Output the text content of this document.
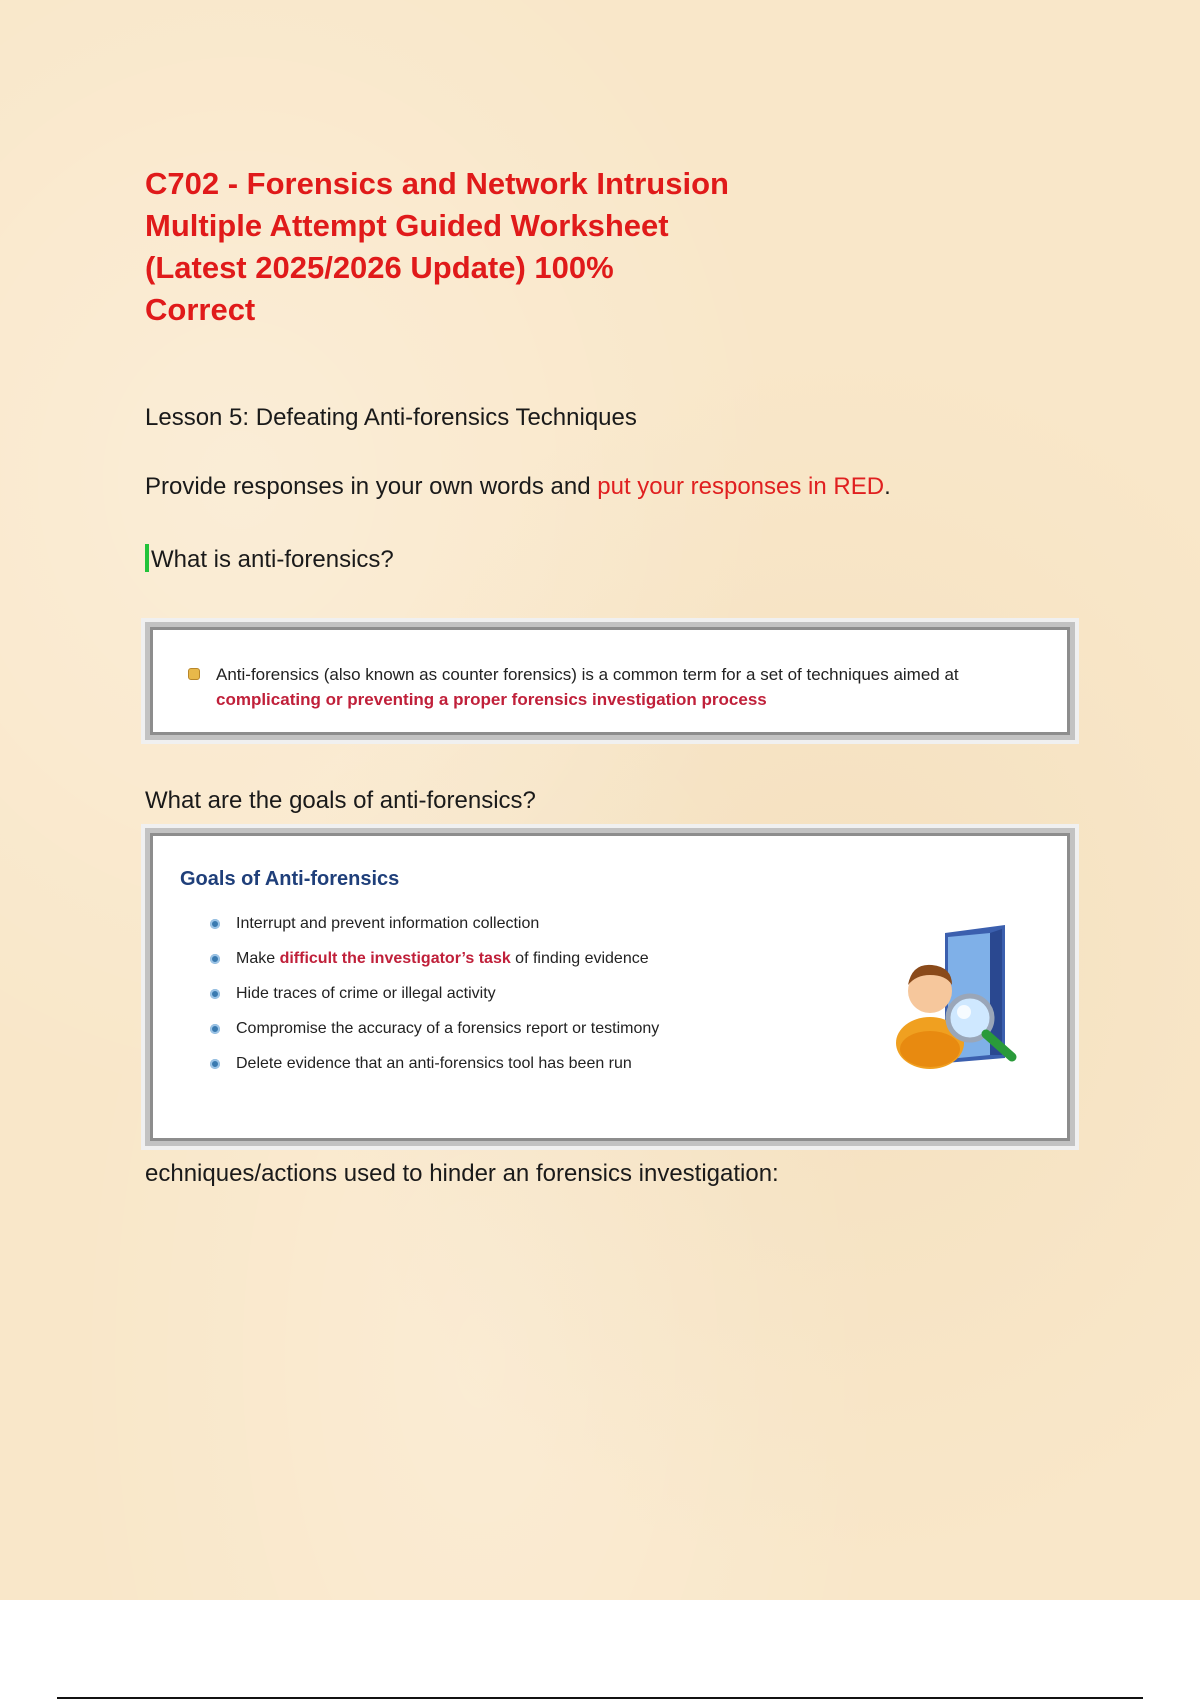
C702 - Forensics and Network Intrusion
Multiple Attempt Guided Worksheet
(Latest 2025/2026 Update) 100%
Correct
Lesson 5: Defeating Anti-forensics Techniques
Provide responses in your own words and put your responses in RED.
What is anti-forensics?
Anti-forensics (also known as counter forensics) is a common term for a set of techniques aimed at
complicating or preventing a proper forensics investigation process
What are the goals of anti-forensics?
Goals of Anti-forensics
Interrupt and prevent information collection
Make difficult the investigator’s task of finding evidence
Hide traces of crime or illegal activity
Compromise the accuracy of a forensics report or testimony
Delete evidence that an anti-forensics tool has been run
echniques/actions used to hinder an forensics investigation:
